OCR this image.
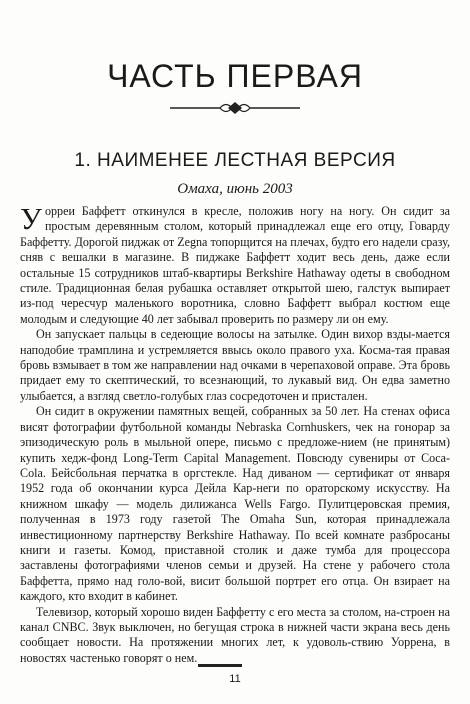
ЧАСТЬ ПЕРВАЯ
1. НАИМЕНЕЕ ЛЕСТНАЯ ВЕРСИЯ
Омаха, июнь 2003

Уорреи Баффетт откинулся в кресле, положив ногу на ногу. Он сидит за простым деревянным столом, который принадлежал еще его отцу, Говарду Баффетту. Дорогой пиджак от Zegna топорщится на плечах, будто его надели сразу, сняв с вешалки в магазине. В пиджаке Баффетт ходит весь день, даже если остальные 15 сотрудников штаб-квартиры Berkshire Hathaway одеты в свободном стиле. Традиционная белая рубашка оставляет открытой шею, галстук выпирает из-под чересчур маленького воротника, словно Баффетт выбрал костюм еще молодым и следующие 40 лет забывал проверить по размеру ли он ему.

Он запускает пальцы в седеющие волосы на затылке. Один вихор взды-мается наподобие трамплина и устремляется ввысь около правого уха. Косма-тая правая бровь взмывает в том же направлении над очками в черепаховой оправе. Эта бровь придает ему то скептический, то всезнающий, то лукавый вид. Он едва заметно улыбается, а взгляд светло-голубых глаз сосредоточен и пристален.

Он сидит в окружении памятных вещей, собранных за 50 лет. На стенах офиса висят фотографии футбольной команды Nebraska Cornhuskers, чек на гонорар за эпизодическую роль в мыльной опере, письмо с предложе-нием (не принятым) купить хедж-фонд Long-Term Capital Management. Повсюду сувениры от Coca-Cola. Бейсбольная перчатка в оргстекле. Над диваном — сертификат от января 1952 года об окончании курса Дейла Кар-неги по ораторскому искусству. На книжном шкафу — модель дилижанса Wells Fargo. Пулитцеровская премия, полученная в 1973 году газетой The Omaha Sun, которая принадлежала инвестиционному партнерству Berkshire Hathaway. По всей комнате разбросаны книги и газеты. Комод, приставной столик и даже тумба для процессора заставлены фотографиями членов семьи и друзей. На стене у рабочего стола Баффетта, прямо над голо-вой, висит большой портрет его отца. Он взирает на каждого, кто входит в кабинет.

Телевизор, который хорошо виден Баффетту с его места за столом, на-строен на канал CNBC. Звук выключен, но бегущая строка в нижней части экрана весь день сообщает новости. На протяжении многих лет, к удоволь-ствию Уоррена, в новостях частенько говорят о нем.

11
